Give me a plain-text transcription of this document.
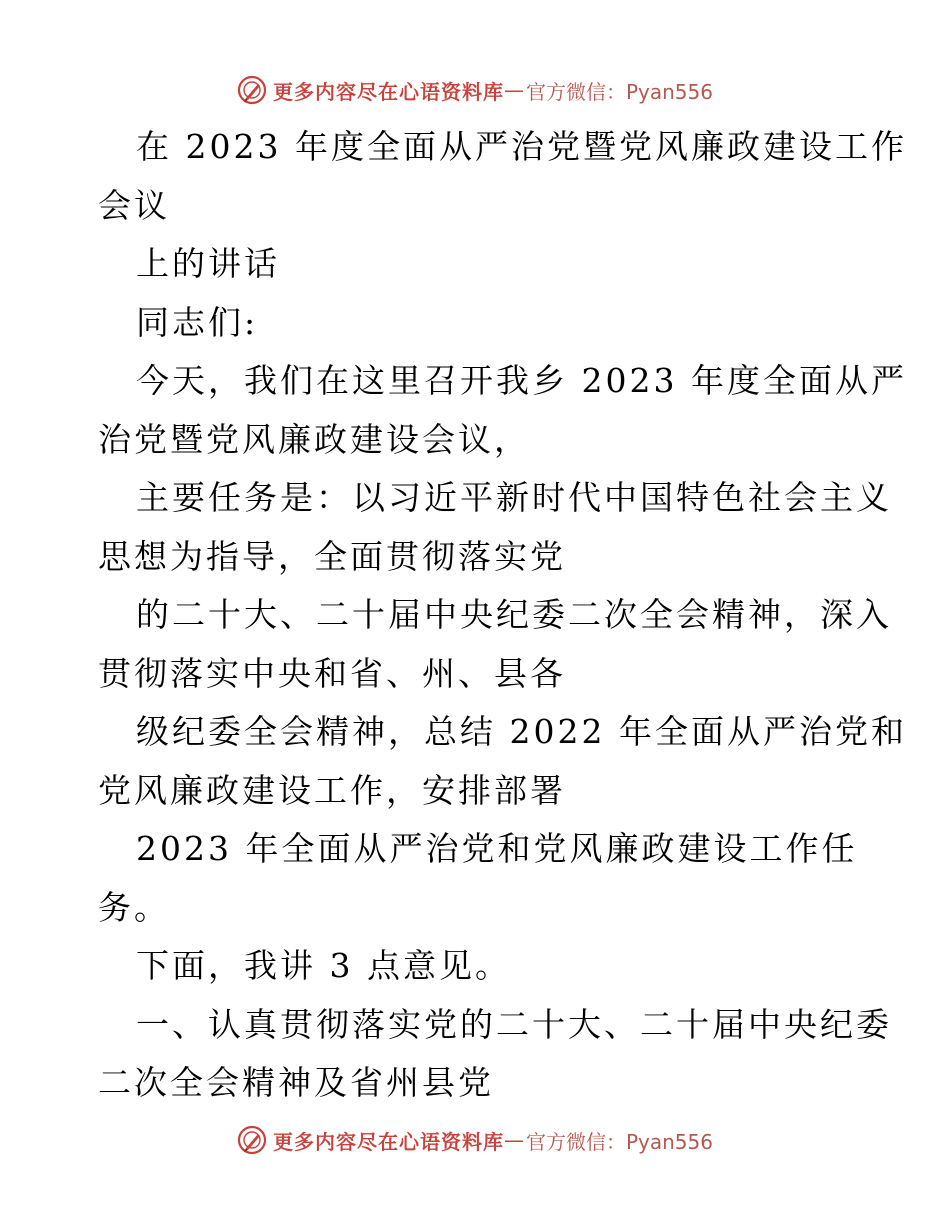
更多内容尽在心语资料库 — 官方微信：Pyan556
在 2023 年度全面从严治党暨党风廉政建设工作
会议
上的讲话
同志们:
今天，我们在这里召开我乡 2023 年度全面从严
治党暨党风廉政建设会议，
主要任务是：以习近平新时代中国特色社会主义
思想为指导，全面贯彻落实党
的二十大、二十届中央纪委二次全会精神，深入
贯彻落实中央和省、州、县各
级纪委全会精神，总结 2022 年全面从严治党和
党风廉政建设工作，安排部署
2023 年全面从严治党和党风廉政建设工作任
务。
下面，我讲 3 点意见。
一、认真贯彻落实党的二十大、二十届中央纪委
二次全会精神及省州县党
更多内容尽在心语资料库 — 官方微信：Pyan556
